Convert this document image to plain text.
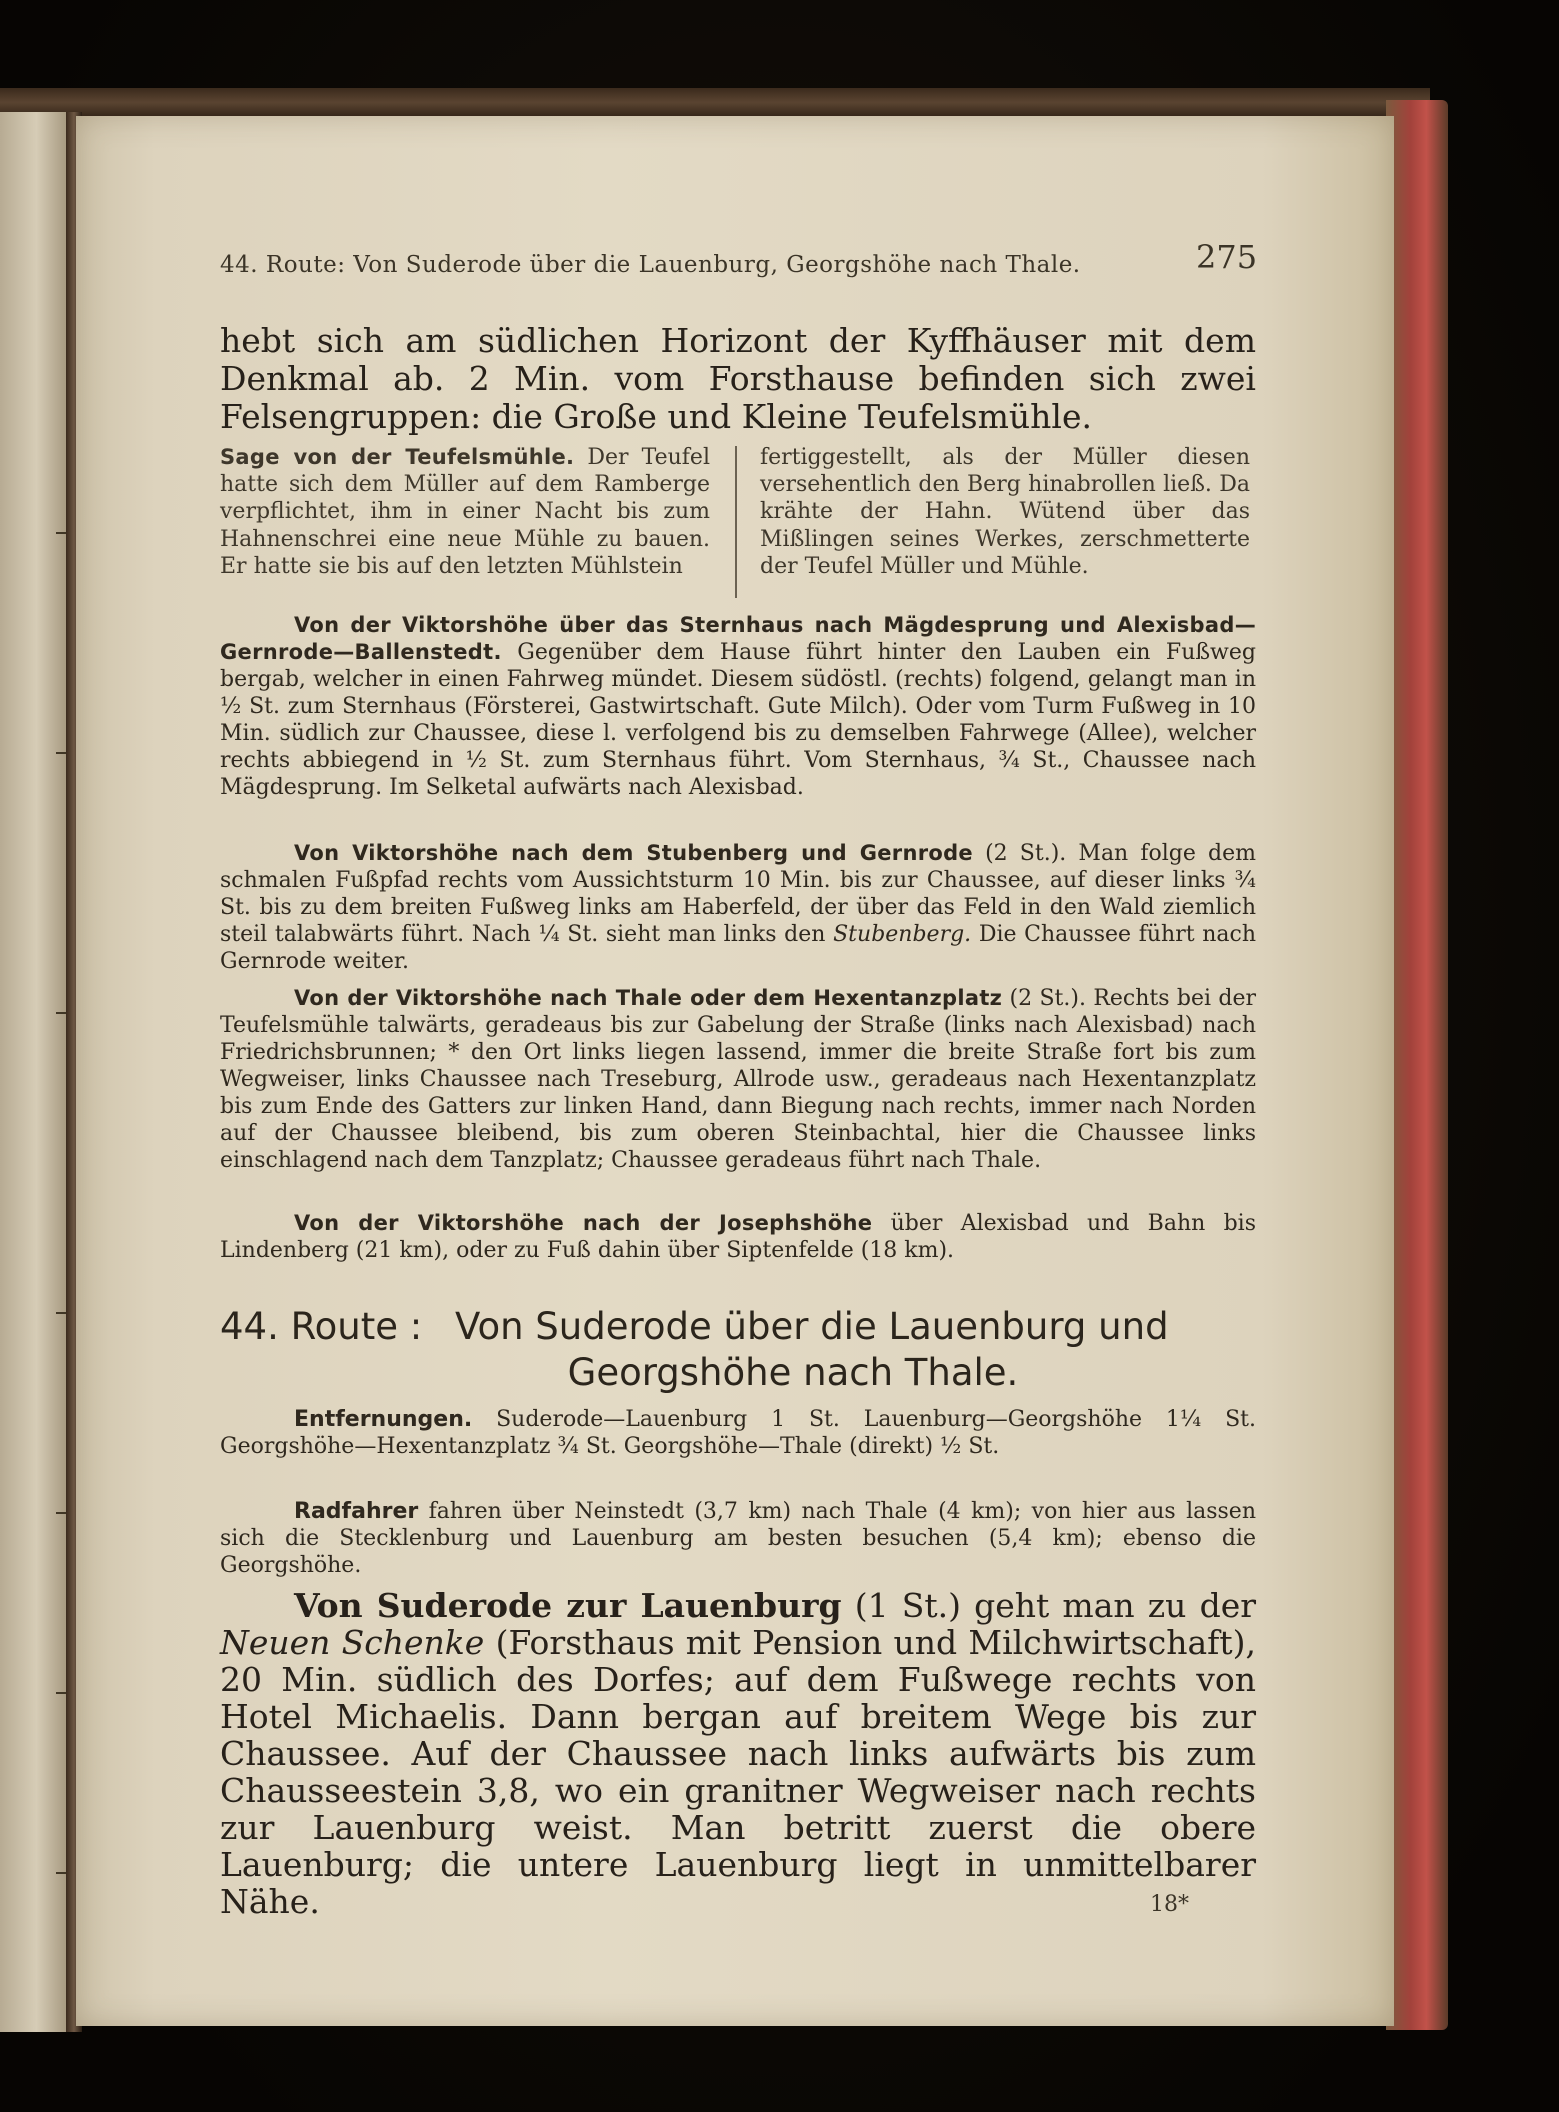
44. Route: Von Suderode über die Lauenburg, Georgshöhe nach Thale.	275

hebt sich am südlichen Horizont der Kyffhäuser mit dem Denkmal ab. 2 Min. vom Forsthause befinden sich zwei Felsengruppen: die Große und Kleine Teufelsmühle.

Sage von der Teufelsmühle. Der Teufel hatte sich dem Müller auf dem Ramberge verpflichtet, ihm in einer Nacht bis zum Hahnenschrei eine neue Mühle zu bauen. Er hatte sie bis auf den letzten Mühlstein

fertiggestellt, als der Müller diesen versehentlich den Berg hinabrollen ließ. Da krähte der Hahn. Wütend über das Mißlingen seines Werkes, zerschmetterte der Teufel Müller und Mühle.

Von der Viktorshöhe über das Sternhaus nach Mägdesprung und Alexisbad—Gernrode—Ballenstedt. Gegenüber dem Hause führt hinter den Lauben ein Fußweg bergab, welcher in einen Fahrweg mündet. Diesem südöstl. (rechts) folgend, gelangt man in ½ St. zum Sternhaus (Försterei, Gastwirtschaft. Gute Milch). Oder vom Turm Fußweg in 10 Min. südlich zur Chaussee, diese l. verfolgend bis zu demselben Fahrwege (Allee), welcher rechts abbiegend in ½ St. zum Sternhaus führt. Vom Sternhaus, ¾ St., Chaussee nach Mägdesprung. Im Selketal aufwärts nach Alexisbad.

Von Viktorshöhe nach dem Stubenberg und Gernrode (2 St.). Man folge dem schmalen Fußpfad rechts vom Aussichtsturm 10 Min. bis zur Chaussee, auf dieser links ¾ St. bis zu dem breiten Fußweg links am Haberfeld, der über das Feld in den Wald ziemlich steil talabwärts führt. Nach ¼ St. sieht man links den Stubenberg. Die Chaussee führt nach Gernrode weiter.

Von der Viktorshöhe nach Thale oder dem Hexentanzplatz (2 St.). Rechts bei der Teufelsmühle talwärts, geradeaus bis zur Gabelung der Straße (links nach Alexisbad) nach Friedrichsbrunnen; * den Ort links liegen lassend, immer die breite Straße fort bis zum Wegweiser, links Chaussee nach Treseburg, Allrode usw., geradeaus nach Hexentanzplatz bis zum Ende des Gatters zur linken Hand, dann Biegung nach rechts, immer nach Norden auf der Chaussee bleibend, bis zum oberen Steinbachtal, hier die Chaussee links einschlagend nach dem Tanzplatz; Chaussee geradeaus führt nach Thale.

Von der Viktorshöhe nach der Josephshöhe über Alexisbad und Bahn bis Lindenberg (21 km), oder zu Fuß dahin über Siptenfelde (18 km).

44. Route : Von Suderode über die Lauenburg und
Georgshöhe nach Thale.

Entfernungen. Suderode—Lauenburg 1 St. Lauenburg—Georgshöhe 1¼ St. Georgshöhe—Hexentanzplatz ¾ St. Georgshöhe—Thale (direkt) ½ St.

Radfahrer fahren über Neinstedt (3,7 km) nach Thale (4 km); von hier aus lassen sich die Stecklenburg und Lauenburg am besten besuchen (5,4 km); ebenso die Georgshöhe.

Von Suderode zur Lauenburg (1 St.) geht man zu der Neuen Schenke (Forsthaus mit Pension und Milchwirtschaft), 20 Min. südlich des Dorfes; auf dem Fußwege rechts von Hotel Michaelis. Dann bergan auf breitem Wege bis zur Chaussee. Auf der Chaussee nach links aufwärts bis zum Chausseestein 3,8, wo ein granitner Wegweiser nach rechts zur Lauenburg weist. Man betritt zuerst die obere Lauenburg; die untere Lauenburg liegt in unmittelbarer Nähe.	18*
